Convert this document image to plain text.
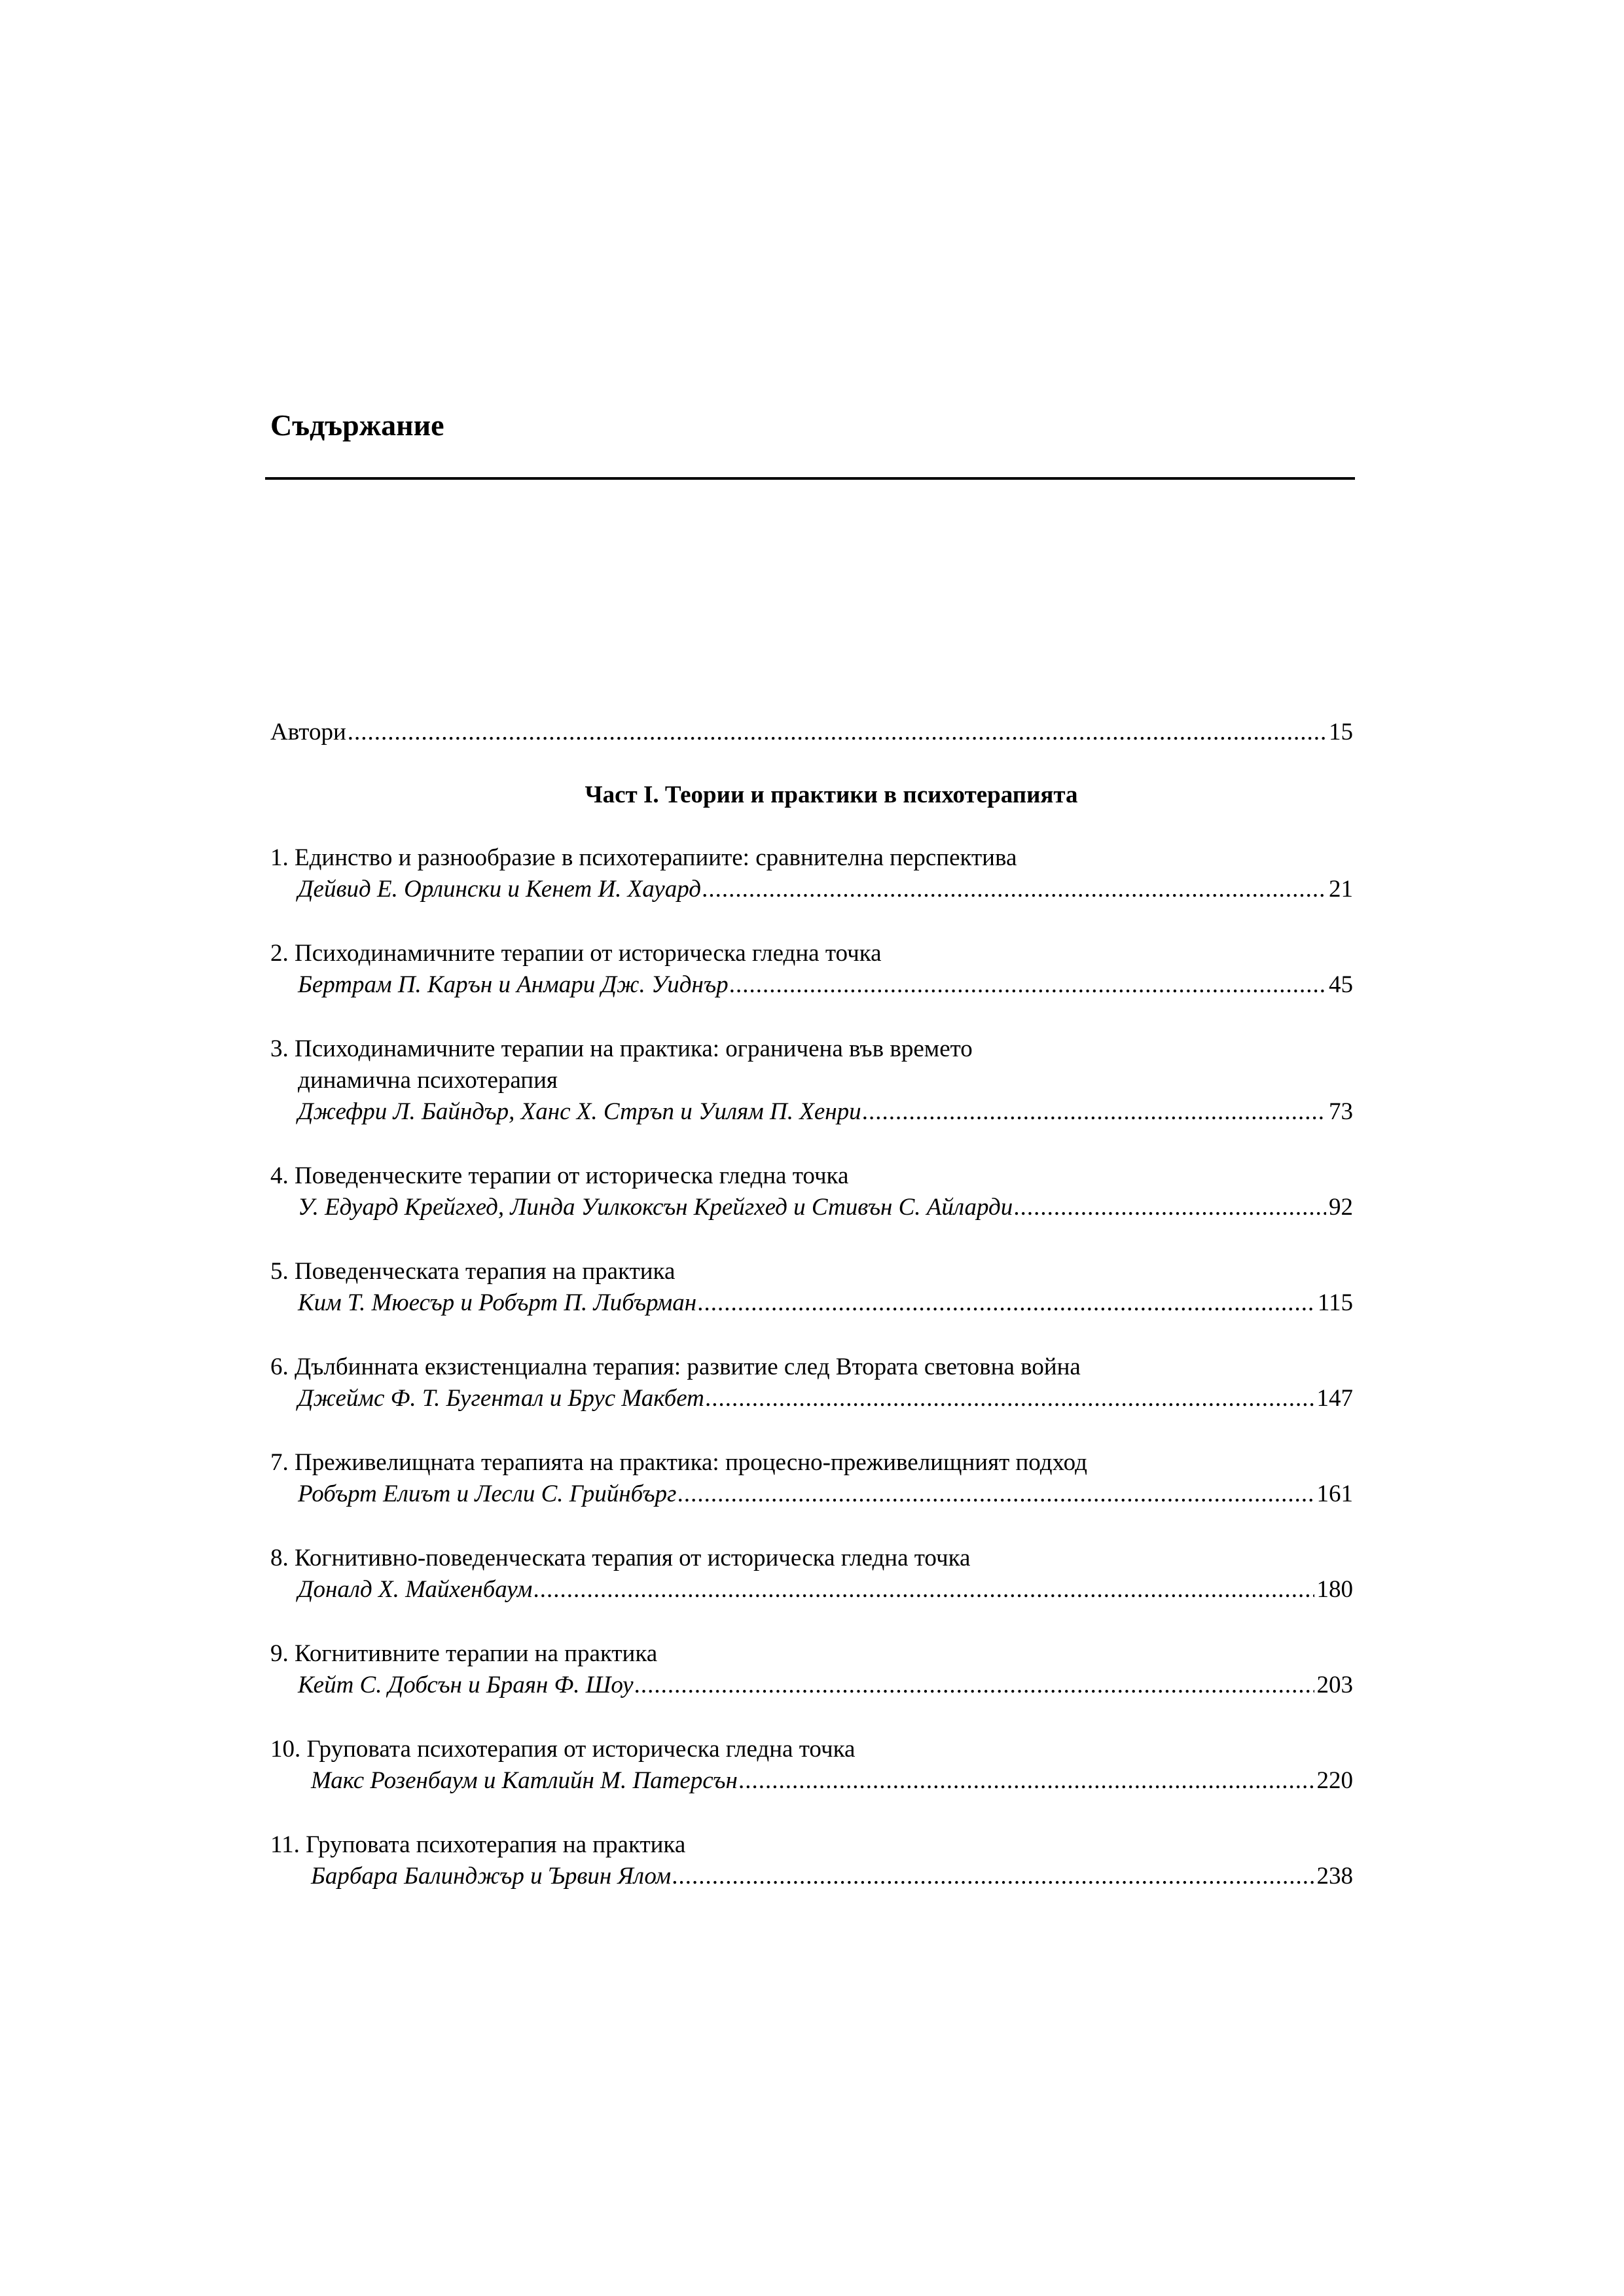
Съдържание
Автори .....	15
Част I. Теории и практики в психотерапията
1. Единство и разнообразие в психотерапиите: сравнителна перспектива
Дейвид Е. Орлински и Кенет И. Хауард .....	21
2. Психодинамичните терапии от историческа гледна точка
Бертрам П. Карън и Анмари Дж. Уиднър .....	45
3. Психодинамичните терапии на практика: ограничена във времето
динамична психотерапия
Джефри Л. Байндър, Ханс Х. Стръп и Уилям П. Хенри .....	73
4. Поведенческите терапии от историческа гледна точка
У. Едуард Крейгхед, Линда Уилкоксън Крейгхед и Стивън С. Айларди .....	92
5. Поведенческата терапия на практика
Ким Т. Мюесър и Робърт П. Либърман .....	115
6. Дълбинната екзистенциална терапия: развитие след Втората световна война
Джеймс Ф. Т. Бугентал и Брус Макбет .....	147
7. Преживелищната терапията на практика: процесно-преживелищният подход
Робърт Елиът и Лесли С. Грийнбърг .....	161
8. Когнитивно-поведенческата терапия от историческа гледна точка
Доналд Х. Майхенбаум .....	180
9. Когнитивните терапии на практика
Кейт С. Добсън и Браян Ф. Шоу .....	203
10. Груповата психотерапия от историческа гледна точка
Макс Розенбаум и Катлийн М. Патерсън .....	220
11. Груповата психотерапия на практика
Барбара Балинджър и Ървин Ялом .....	238
